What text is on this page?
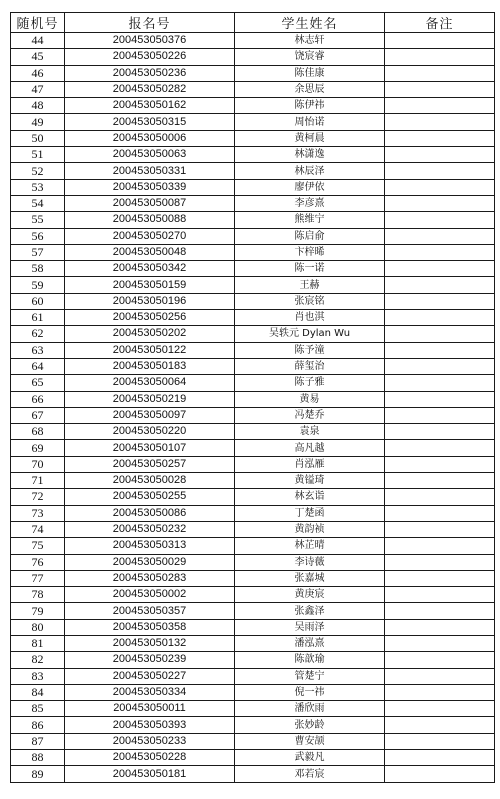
随机号	报名号	学生姓名	备注
44	200453050376	林志轩	
45	200453050226	饶宸睿	
46	200453050236	陈佳康	
47	200453050282	余思辰	
48	200453050162	陈伊祎	
49	200453050315	周怡诺	
50	200453050006	黄柯晨	
51	200453050063	林潇逸	
52	200453050331	林辰泽	
53	200453050339	廖伊依	
54	200453050087	李彦熹	
55	200453050088	熊维宁	
56	200453050270	陈启俞	
57	200453050048	卞梓晞	
58	200453050342	陈一诺	
59	200453050159	王赫	
60	200453050196	张宸铭	
61	200453050256	肖也淇	
62	200453050202	吴轶元 Dylan Wu	
63	200453050122	陈予潼	
64	200453050183	薛玺治	
65	200453050064	陈子雅	
66	200453050219	黄易	
67	200453050097	冯楚乔	
68	200453050220	袁泉	
69	200453050107	高凡越	
70	200453050257	肖泓雁	
71	200453050028	黄镒琦	
72	200453050255	林玄诣	
73	200453050086	丁楚函	
74	200453050232	黄韵祯	
75	200453050313	林芷晴	
76	200453050029	李诗薇	
77	200453050283	张嘉城	
78	200453050002	黄庚宸	
79	200453050357	张鑫泽	
80	200453050358	吴雨泽	
81	200453050132	潘泓熹	
82	200453050239	陈歆瑜	
83	200453050227	管楚宁	
84	200453050334	倪一祎	
85	200453050011	潘欣雨	
86	200453050393	张妙龄	
87	200453050233	曹安颉	
88	200453050228	武毅凡	
89	200453050181	邓若宸	
